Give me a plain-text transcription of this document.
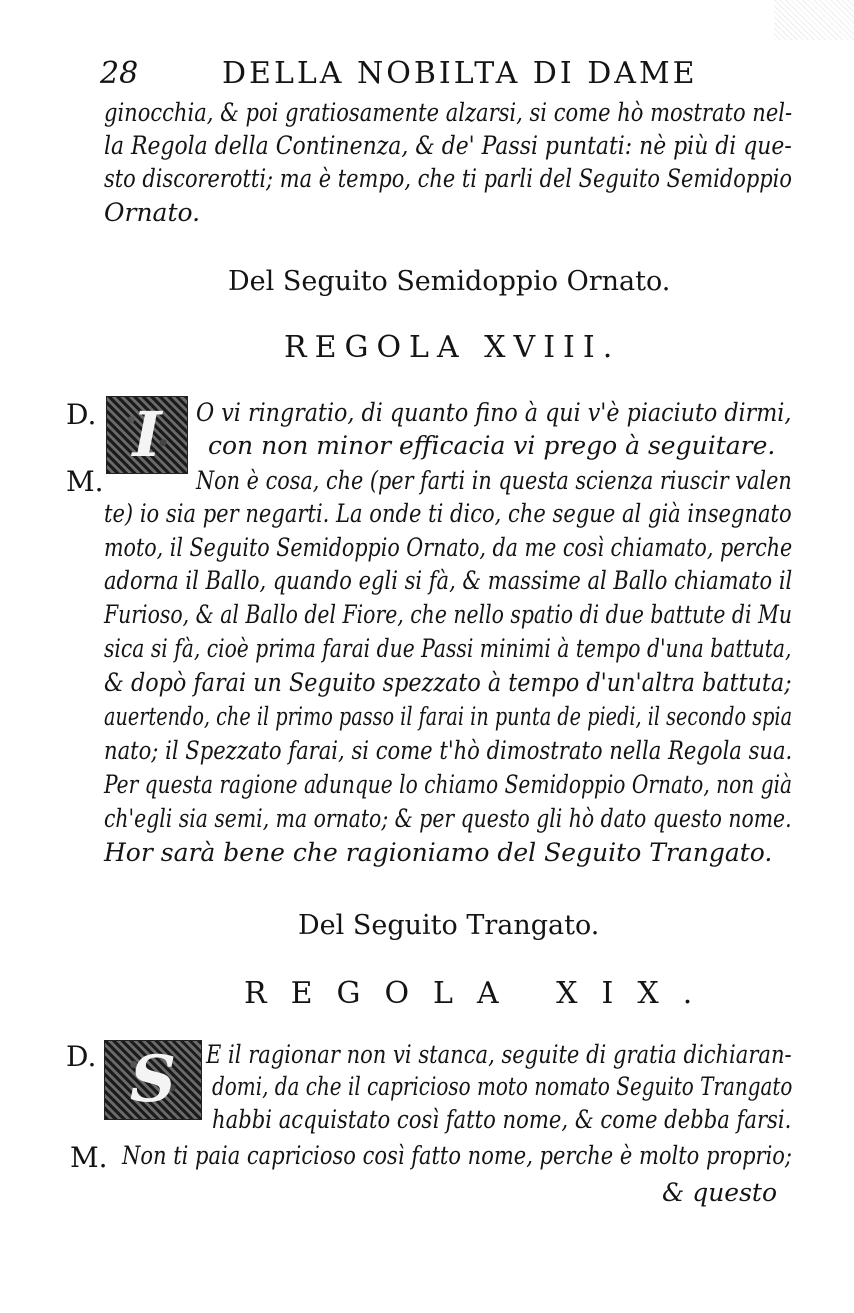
28	DELLA NOBILTA DI DAME
ginocchia, & poi gratiosamente alzarsi, si come hò mostrato nel-
la Regola della Continenza, & de' Passi puntati: nè più di que-
sto discorerotti; ma è tempo, che ti parli del Seguito Semidoppio
Ornato.
Del Seguito Semidoppio Ornato.
REGOLA XVIII.
D. I	O vi ringratio, di quanto fino à qui v'è piaciuto dirmi,
con non minor efficacia vi prego à seguitare.
M.	Non è cosa, che (per farti in questa scienza riuscir valen
te) io sia per negarti. La onde ti dico, che segue al già insegnato
moto, il Seguito Semidoppio Ornato, da me così chiamato, perche
adorna il Ballo, quando egli si fà, & massime al Ballo chiamato il
Furioso, & al Ballo del Fiore, che nello spatio di due battute di Mu
sica si fà, cioè prima farai due Passi minimi à tempo d'una battuta,
& dopò farai un Seguito spezzato à tempo d'un'altra battuta;
auertendo, che il primo passo il farai in punta de piedi, il secondo spia
nato; il Spezzato farai, si come t'hò dimostrato nella Regola sua.
Per questa ragione adunque lo chiamo Semidoppio Ornato, non già
ch'egli sia semi, ma ornato; & per questo gli hò dato questo nome.
Hor sarà bene che ragioniamo del Seguito Trangato.
Del Seguito Trangato.
REGOLA XIX.
D. S	E il ragionar non vi stanca, seguite di gratia dichiaran-
domi, da che il capricioso moto nomato Seguito Trangato
habbi acquistato così fatto nome, & come debba farsi.
M. Non ti paia capricioso così fatto nome, perche è molto proprio;
& questo
